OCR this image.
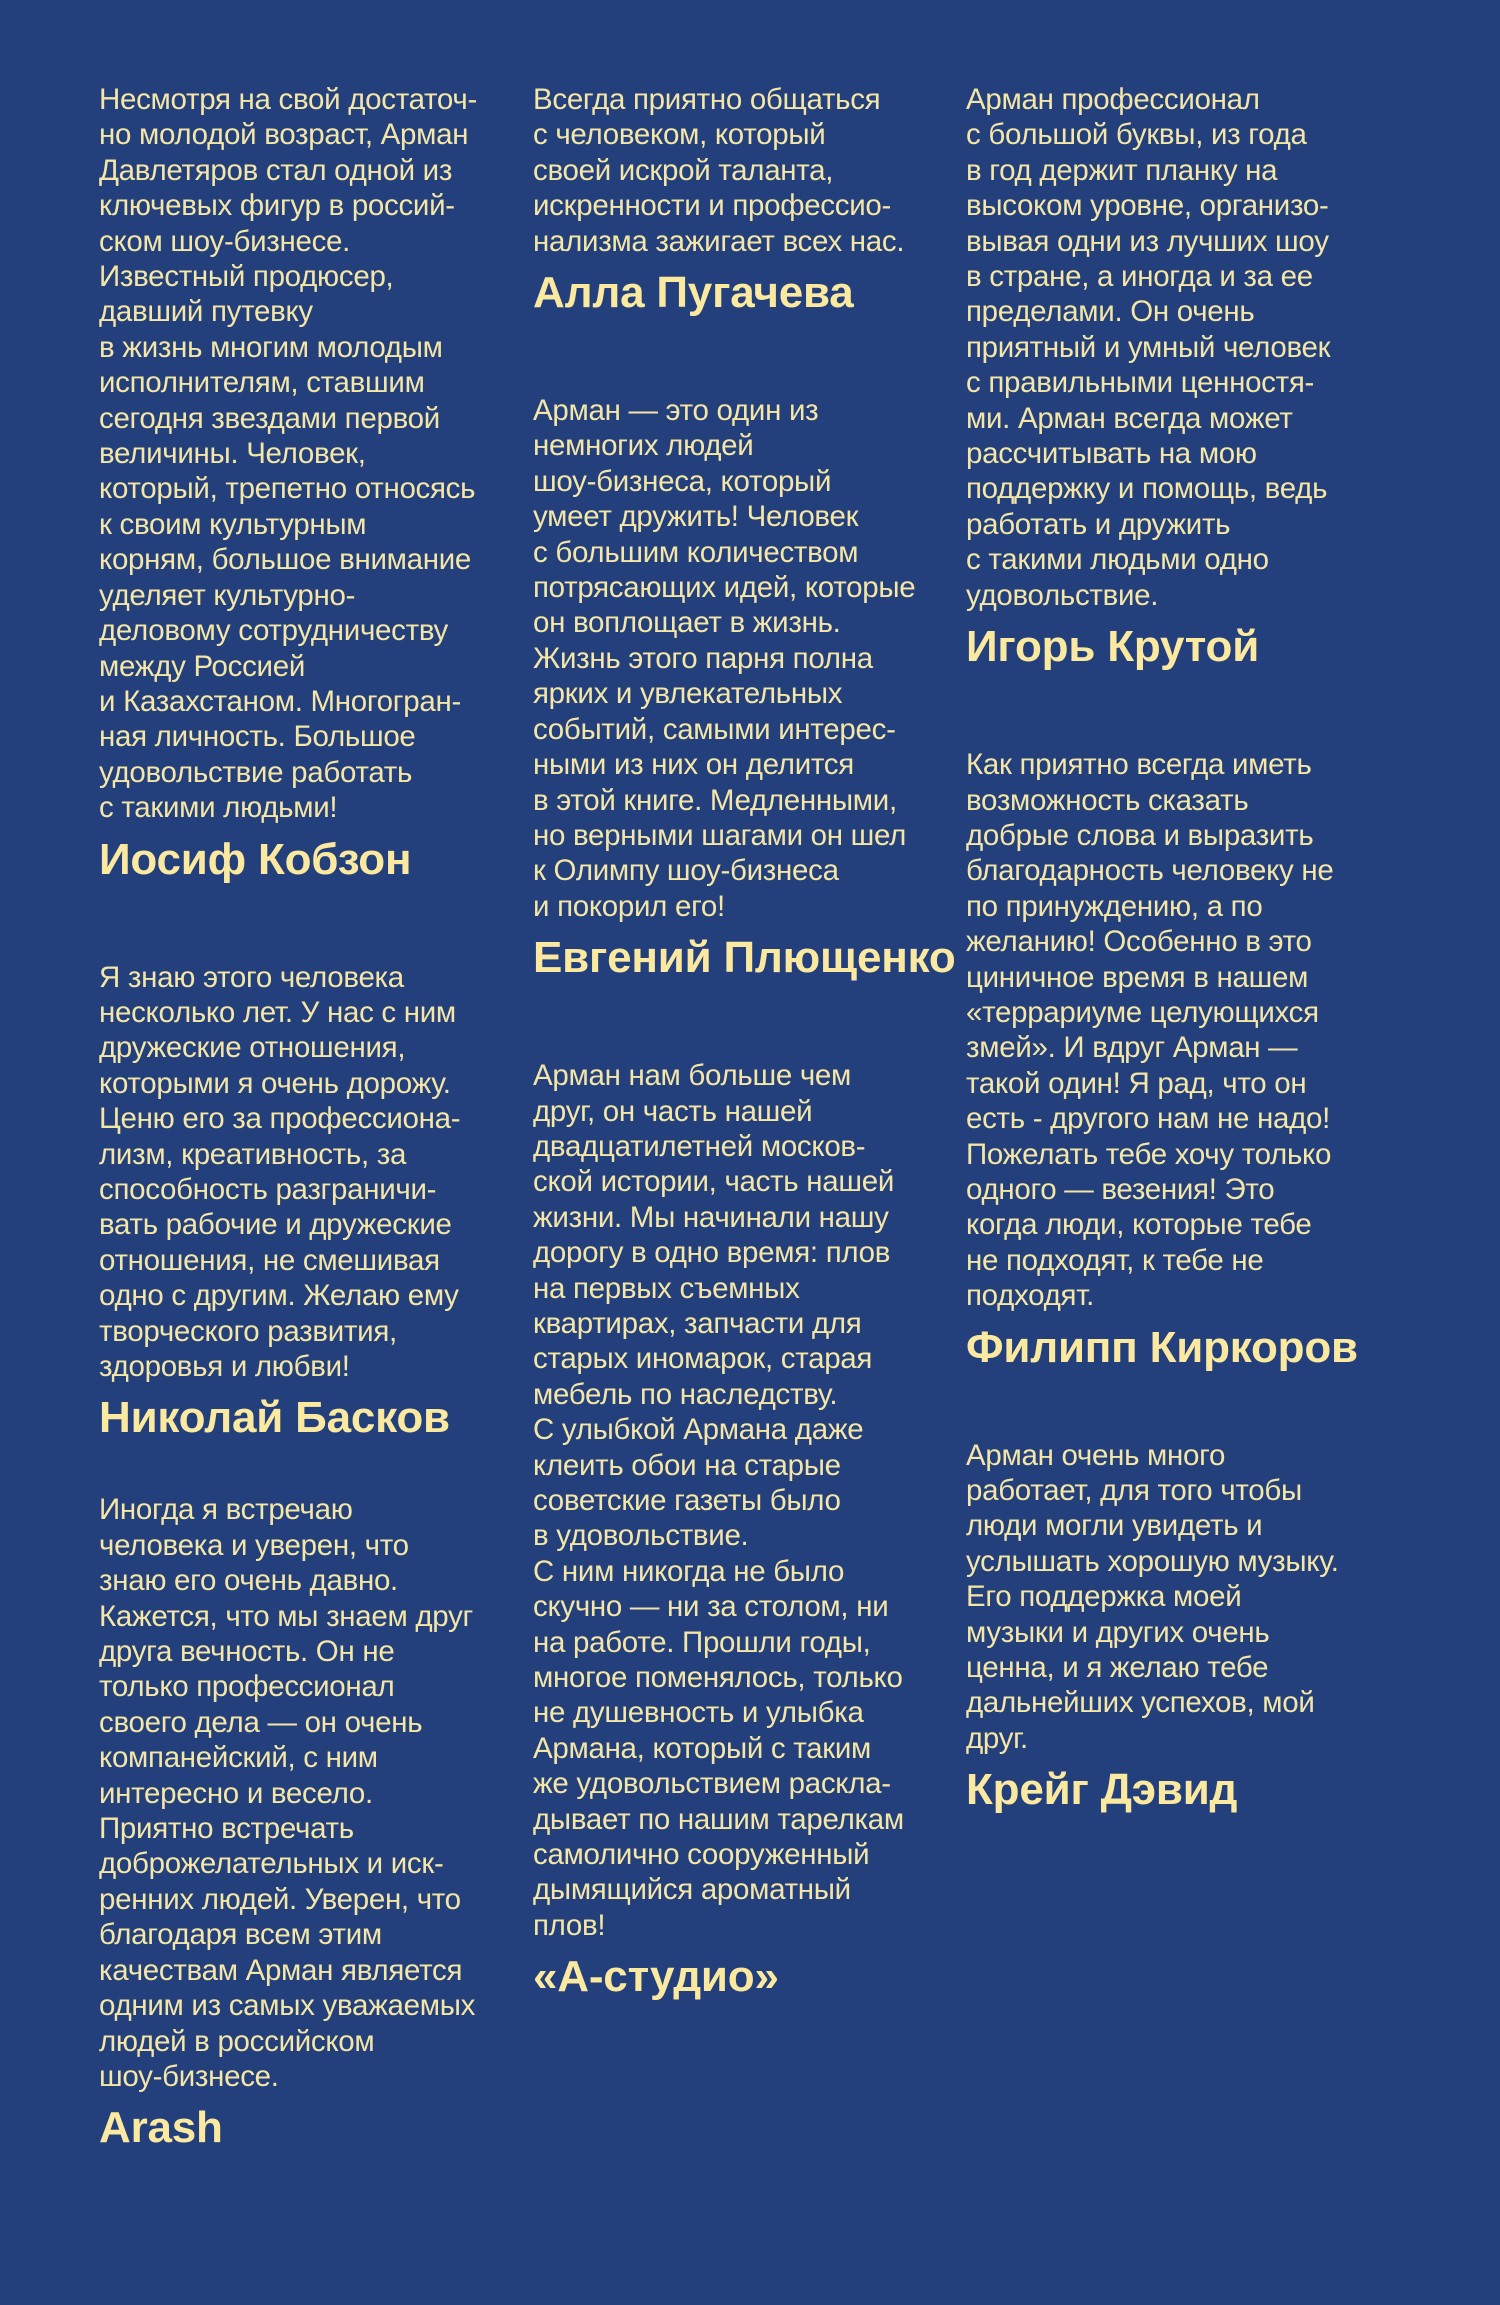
Несмотря на свой достаточ-
но молодой возраст, Арман
Давлетяров стал одной из
ключевых фигур в россий-
ском шоу-бизнесе.
Известный продюсер,
давший путевку
в жизнь многим молодым
исполнителям, ставшим
сегодня звездами первой
величины. Человек,
который, трепетно относясь
к своим культурным
корням, большое внимание
уделяет культурно-
деловому сотрудничеству
между Россией
и Казахстаном. Многогран-
ная личность. Большое
удовольствие работать
с такими людьми!

Иосиф Кобзон

Я знаю этого человека
несколько лет. У нас с ним
дружеские отношения,
которыми я очень дорожу.
Ценю его за профессиона-
лизм, креативность, за
способность разграничи-
вать рабочие и дружеские
отношения, не смешивая
одно с другим. Желаю ему
творческого развития,
здоровья и любви!

Николай Басков

Иногда я встречаю
человека и уверен, что
знаю его очень давно.
Кажется, что мы знаем друг
друга вечность. Он не
только профессионал
своего дела — он очень
компанейский, с ним
интересно и весело.
Приятно встречать
доброжелательных и иск-
ренних людей. Уверен, что
благодаря всем этим
качествам Арман является
одним из самых уважаемых
людей в российском
шоу-бизнесе.

Arash

Всегда приятно общаться
с человеком, который
своей искрой таланта,
искренности и профессио-
нализма зажигает всех нас.

Алла Пугачева

Арман — это один из
немногих людей
шоу-бизнеса, который
умеет дружить! Человек
с большим количеством
потрясающих идей, которые
он воплощает в жизнь.
Жизнь этого парня полна
ярких и увлекательных
событий, самыми интерес-
ными из них он делится
в этой книге. Медленными,
но верными шагами он шел
к Олимпу шоу-бизнеса
и покорил его!

Евгений Плющенко

Арман нам больше чем
друг, он часть нашей
двадцатилетней москов-
ской истории, часть нашей
жизни. Мы начинали нашу
дорогу в одно время: плов
на первых съемных
квартирах, запчасти для
старых иномарок, старая
мебель по наследству.
С улыбкой Армана даже
клеить обои на старые
советские газеты было
в удовольствие.
С ним никогда не было
скучно — ни за столом, ни
на работе. Прошли годы,
многое поменялось, только
не душевность и улыбка
Армана, который с таким
же удовольствием раскла-
дывает по нашим тарелкам
самолично сооруженный
дымящийся ароматный
плов!

«А-студио»

Арман профессионал
с большой буквы, из года
в год держит планку на
высоком уровне, организо-
вывая одни из лучших шоу
в стране, а иногда и за ее
пределами. Он очень
приятный и умный человек
с правильными ценностя-
ми. Арман всегда может
рассчитывать на мою
поддержку и помощь, ведь
работать и дружить
с такими людьми одно
удовольствие.

Игорь Крутой

Как приятно всегда иметь
возможность сказать
добрые слова и выразить
благодарность человеку не
по принуждению, а по
желанию! Особенно в это
циничное время в нашем
«террариуме целующихся
змей». И вдруг Арман —
такой один! Я рад, что он
есть - другого нам не надо!
Пожелать тебе хочу только
одного — везения! Это
когда люди, которые тебе
не подходят, к тебе не
подходят.

Филипп Киркоров

Арман очень много
работает, для того чтобы
люди могли увидеть и
услышать хорошую музыку.
Его поддержка моей
музыки и других очень
ценна, и я желаю тебе
дальнейших успехов, мой
друг.

Крейг Дэвид
